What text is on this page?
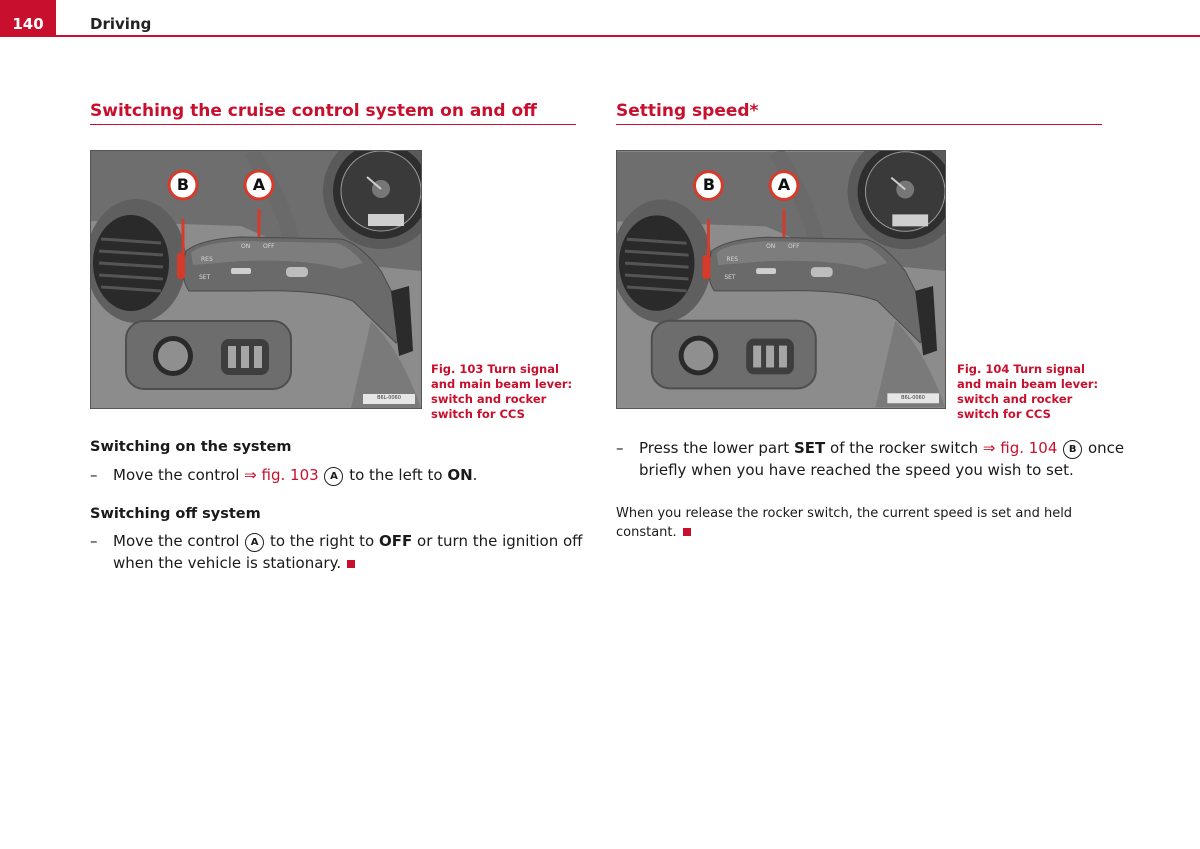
140	Driving
Switching the cruise control system on and off
RES
SET
ON OFF
B	A
B6L-0060
Fig. 103 Turn signal and main beam lever: switch and rocker switch for CCS
Switching on the system
– Move the control ⇒ fig. 103 A to the left to ON.
Switching off system
– Move the control A to the right to OFF or turn the ignition off
when the vehicle is stationary.
Setting speed*
RES
SET
ON OFF
B	A
B6L-0060
Fig. 104 Turn signal and main beam lever: switch and rocker switch for CCS
– Press the lower part SET of the rocker switch ⇒ fig. 104 B once
briefly when you have reached the speed you wish to set.
When you release the rocker switch, the current speed is set and held
constant.
